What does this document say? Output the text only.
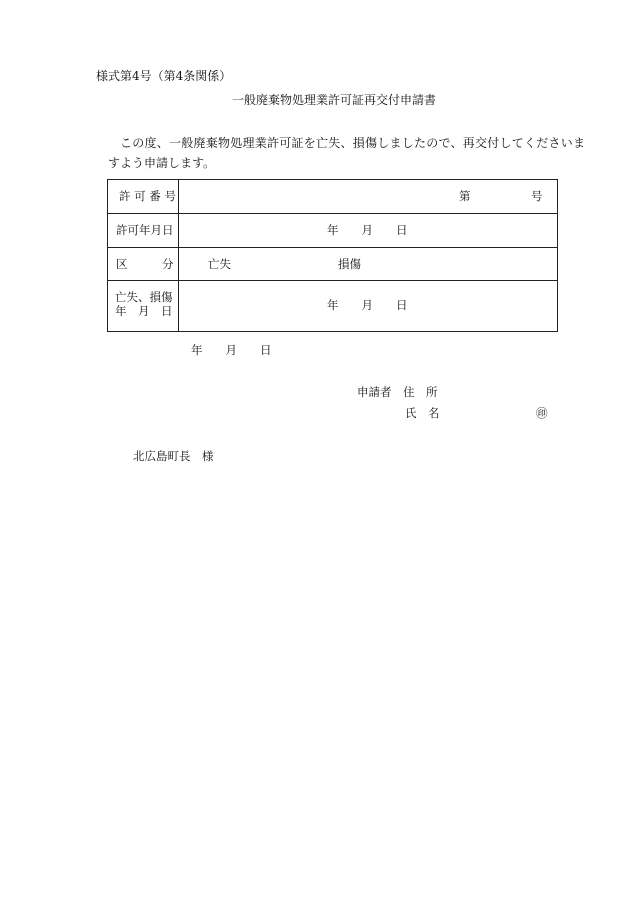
様式第4号（第4条関係）
一般廃棄物処理業許可証再交付申請書
この度、一般廃棄物処理業許可証を亡失、損傷しましたので、再交付してくださいま
すよう申請します。
許 可 番 号	第	号
許可年月日	年　　月　　日
区　　　分	亡失	損傷
亡失、損傷
年　月　日	年　　月　　日
年　　月　　日
申請者　住　所
氏　名	㊞
北広島町長　様
